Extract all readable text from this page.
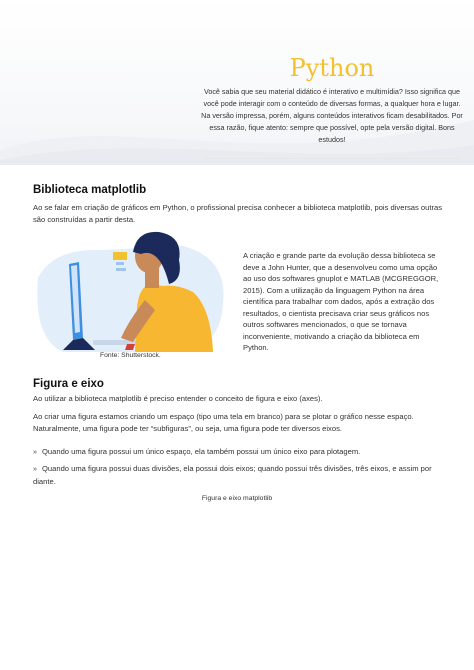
Python
Você sabia que seu material didático é interativo e multimídia? Isso significa que você pode interagir com o conteúdo de diversas formas, a qualquer hora e lugar. Na versão impressa, porém, alguns conteúdos interativos ficam desabilitados. Por essa razão, fique atento: sempre que possível, opte pela versão digital. Bons estudos!
Biblioteca matplotlib
Ao se falar em criação de gráficos em Python, o profissional precisa conhecer a biblioteca matplotlib, pois diversas outras são construídas a partir desta.
A criação e grande parte da evolução dessa biblioteca se deve a John Hunter, que a desenvolveu como uma opção ao uso dos softwares gnuplot e MATLAB (MCGREGGOR, 2015). Com a utilização da linguagem Python na área científica para trabalhar com dados, após a extração dos resultados, o cientista precisava criar seus gráficos nos outros softwares mencionados, o que se tornava inconveniente, motivando a criação da biblioteca em Python.
Fonte: Shutterstock.
Figura e eixo
Ao utilizar a biblioteca matplotlib é preciso entender o conceito de figura e eixo (axes).
Ao criar uma figura estamos criando um espaço (tipo uma tela em branco) para se plotar o gráfico nesse espaço. Naturalmente, uma figura pode ter “subfiguras”, ou seja, uma figura pode ter diversos eixos.
» Quando uma figura possui um único espaço, ela também possui um único eixo para plotagem.
» Quando uma figura possui duas divisões, ela possui dois eixos; quando possui três divisões, três eixos, e assim por diante.
Figura e eixo matplotlib
